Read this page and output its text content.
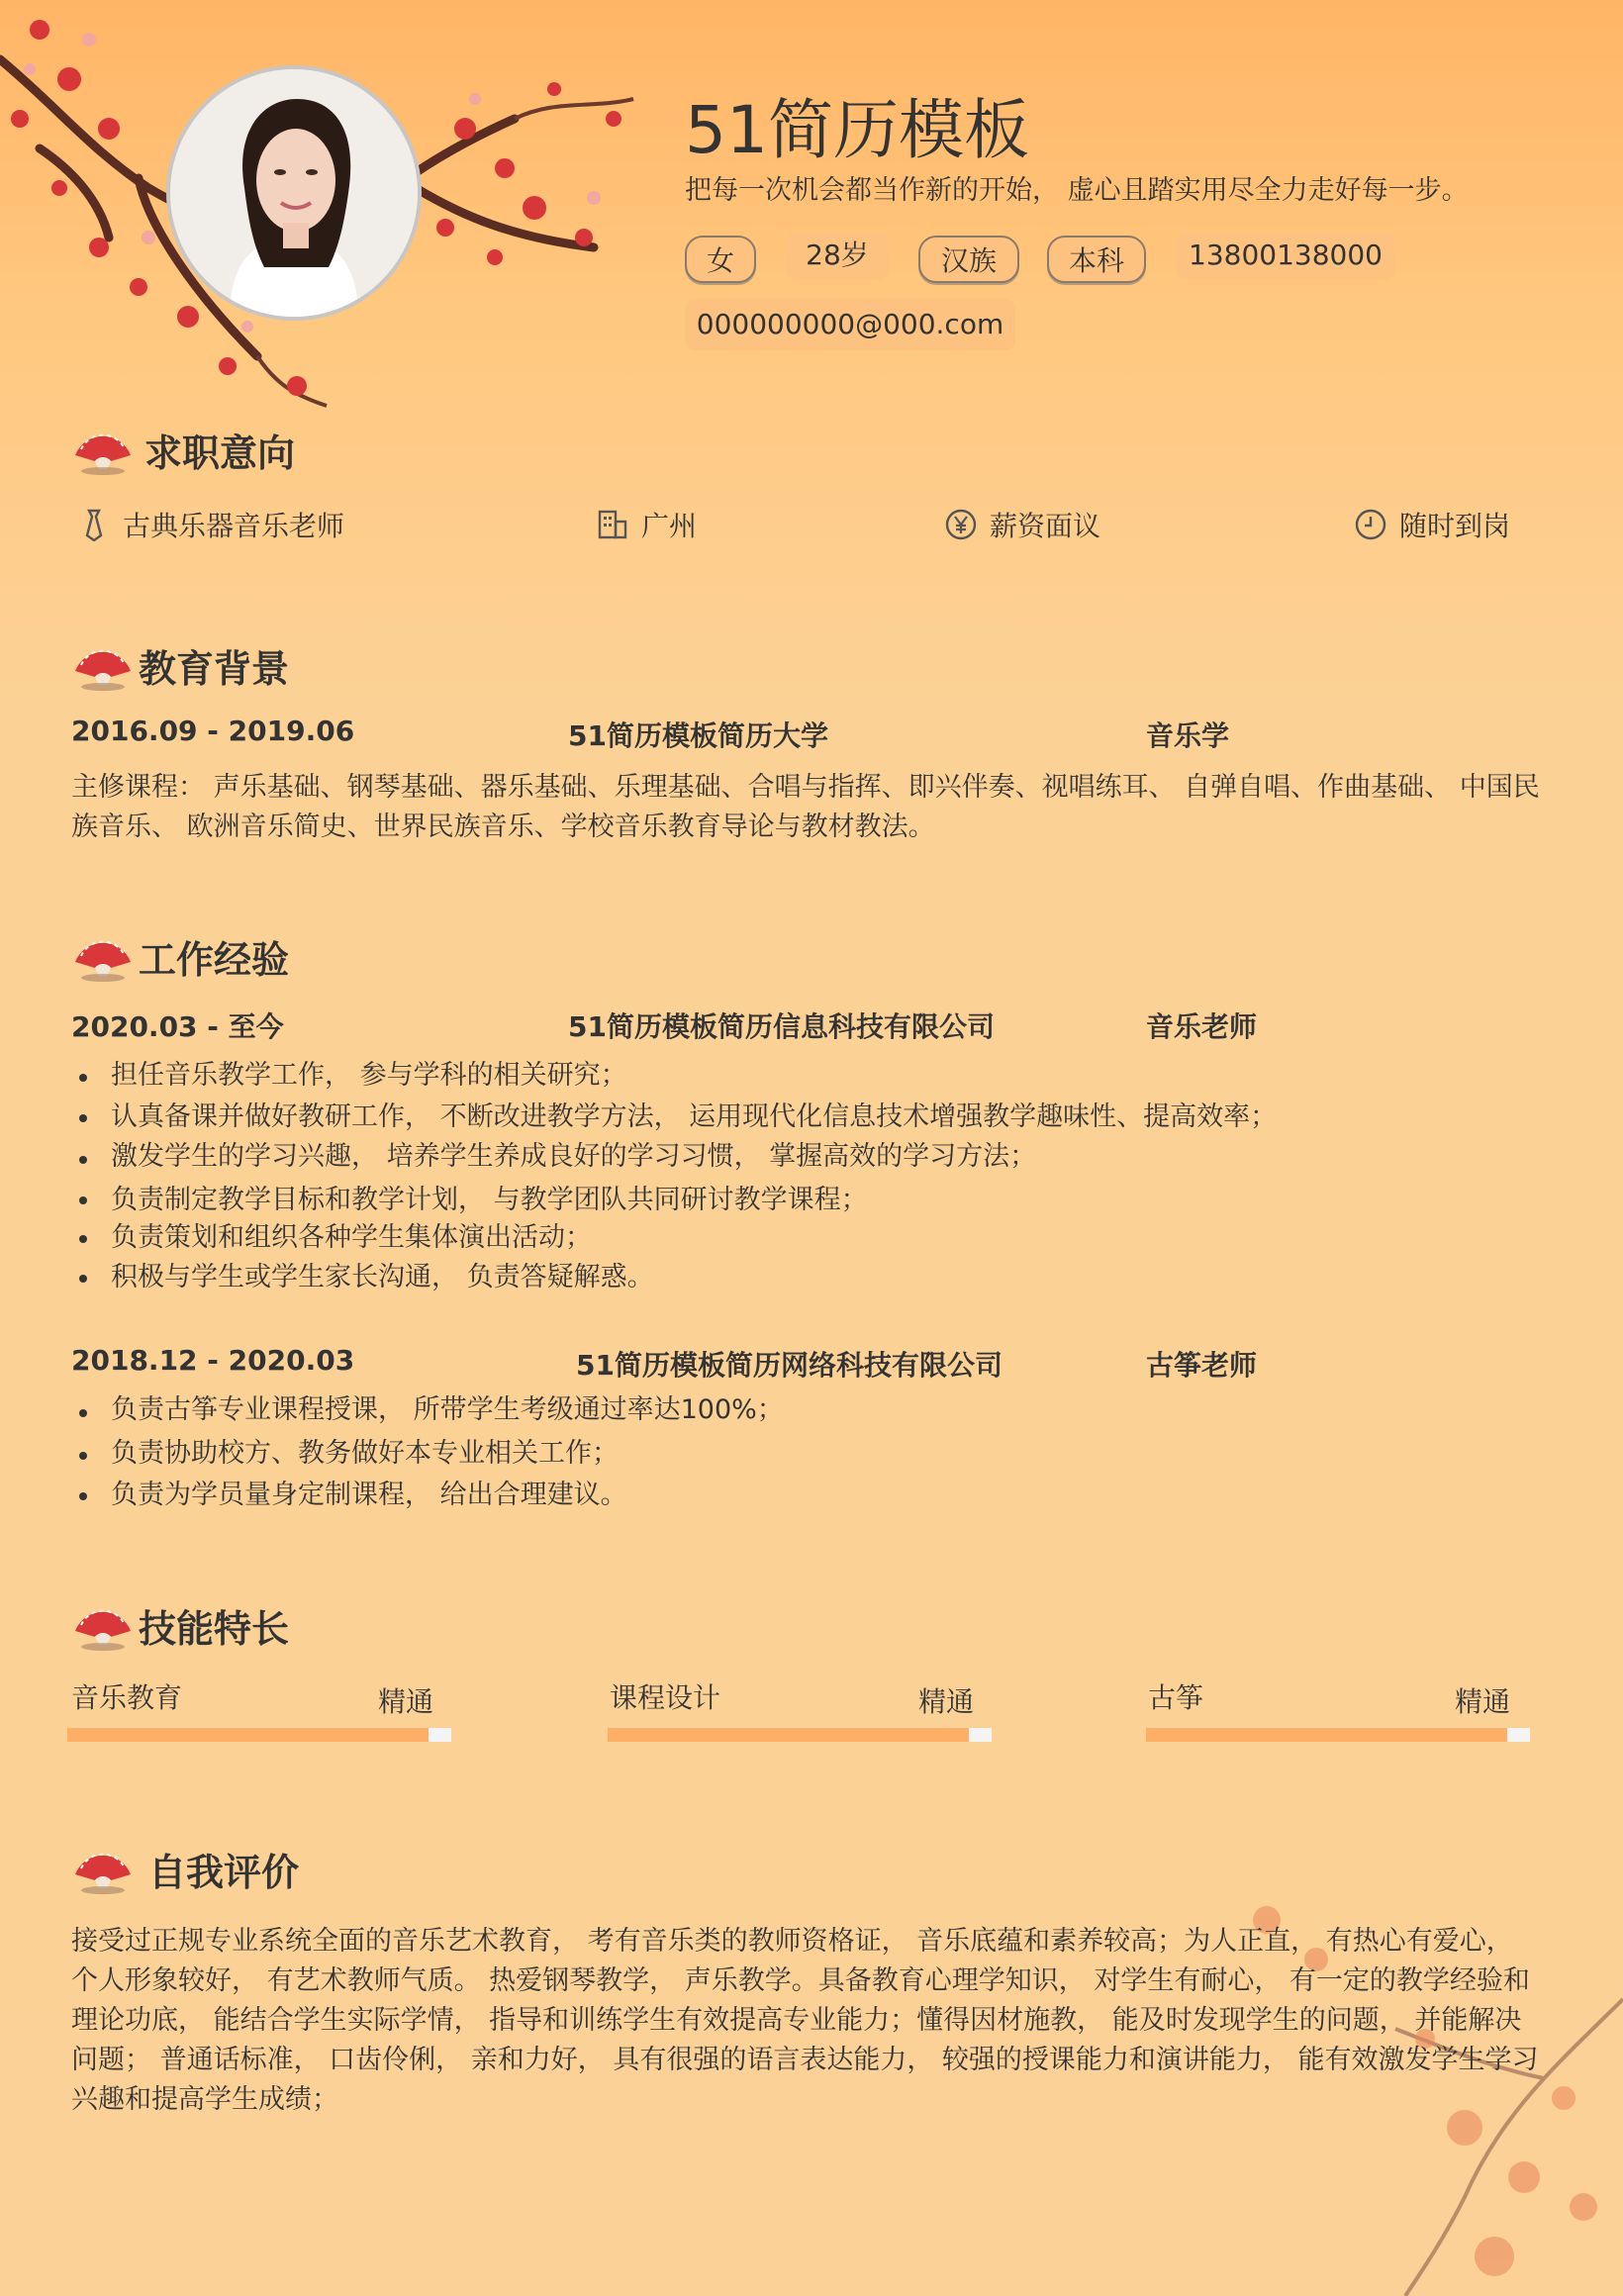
51简历模板
把每一次机会都当作新的开始， 虚心且踏实用尽全力走好每一步。
女	28岁	汉族	本科	13800138000
000000000@000.com
求职意向
古典乐器音乐老师	广州	薪资面议	随时到岗
教育背景
2016.09 - 2019.06	51简历模板简历大学	音乐学
主修课程： 声乐基础、钢琴基础、器乐基础、乐理基础、合唱与指挥、即兴伴奏、视唱练耳、 自弹自唱、作曲基础、 中国民族音乐、 欧洲音乐简史、世界民族音乐、学校音乐教育导论与教材教法。
工作经验
2020.03 - 至今	51简历模板简历信息科技有限公司	音乐老师
担任音乐教学工作， 参与学科的相关研究；
认真备课并做好教研工作， 不断改进教学方法， 运用现代化信息技术增强教学趣味性、提高效率；
激发学生的学习兴趣， 培养学生养成良好的学习习惯， 掌握高效的学习方法；
负责制定教学目标和教学计划， 与教学团队共同研讨教学课程；
负责策划和组织各种学生集体演出活动；
积极与学生或学生家长沟通， 负责答疑解惑。
2018.12 - 2020.03	51简历模板简历网络科技有限公司	古筝老师
负责古筝专业课程授课， 所带学生考级通过率达100%；
负责协助校方、教务做好本专业相关工作；
负责为学员量身定制课程， 给出合理建议。
技能特长
音乐教育	精通	课程设计	精通	古筝	精通
自我评价
接受过正规专业系统全面的音乐艺术教育， 考有音乐类的教师资格证， 音乐底蕴和素养较高；为人正直， 有热心有爱心，
个人形象较好， 有艺术教师气质。 热爱钢琴教学， 声乐教学。具备教育心理学知识， 对学生有耐心， 有一定的教学经验和
理论功底， 能结合学生实际学情， 指导和训练学生有效提高专业能力；懂得因材施教， 能及时发现学生的问题， 并能解决
问题； 普通话标准， 口齿伶俐， 亲和力好， 具有很强的语言表达能力， 较强的授课能力和演讲能力， 能有效激发学生学习
兴趣和提高学生成绩；
